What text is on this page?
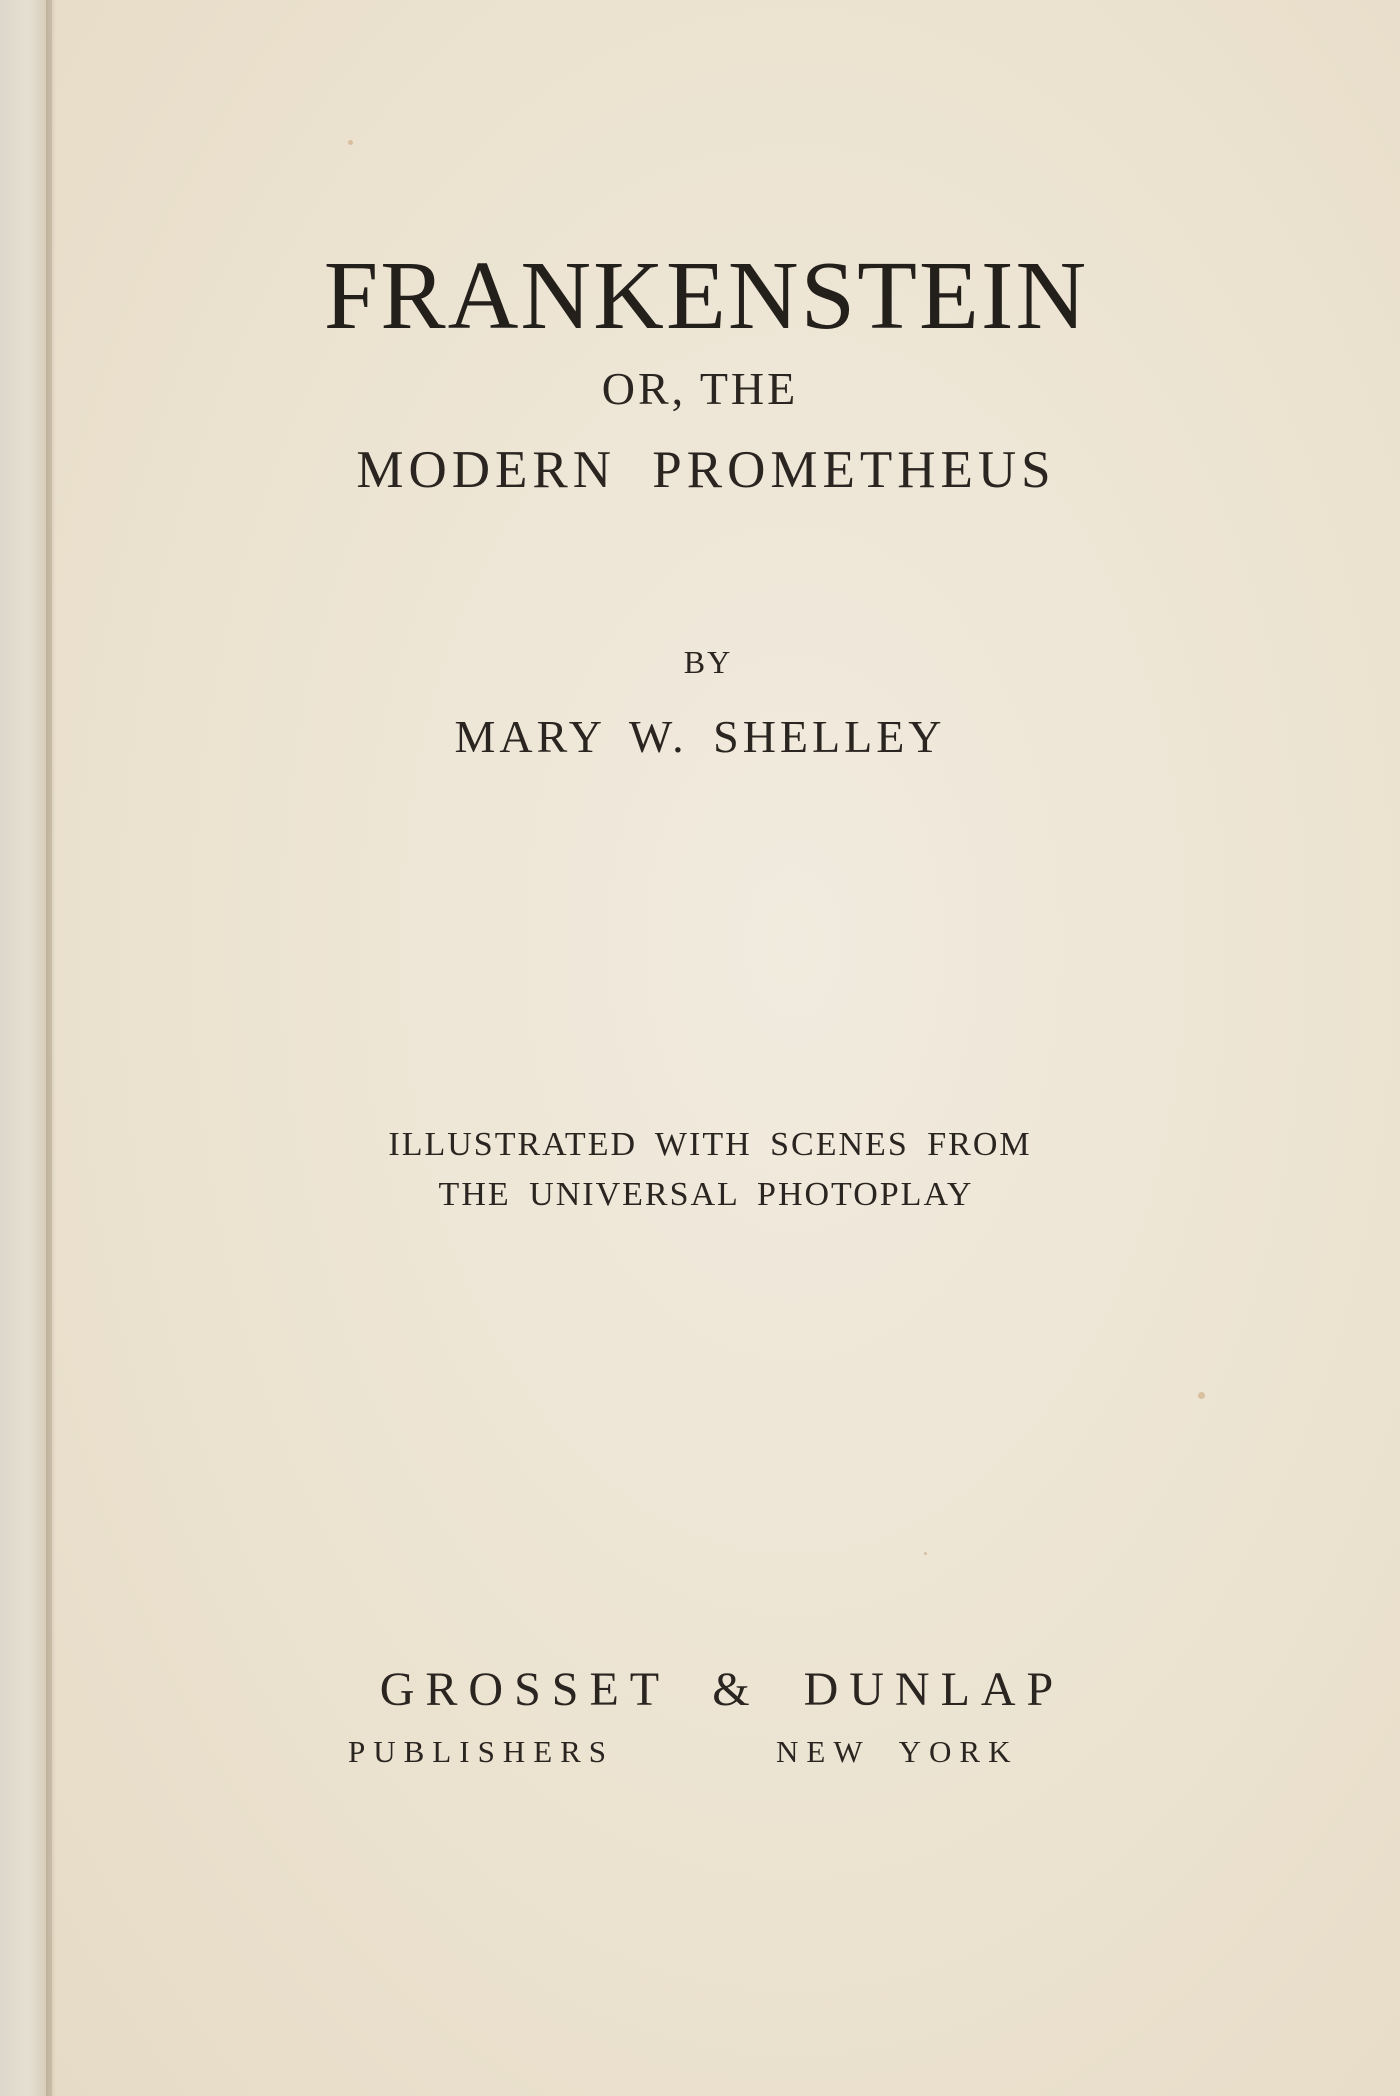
FRANKENSTEIN

OR, THE

MODERN PROMETHEUS

BY

MARY W. SHELLEY

ILLUSTRATED WITH SCENES FROM

THE UNIVERSAL PHOTOPLAY

GROSSET & DUNLAP

PUBLISHERS	NEW YORK
